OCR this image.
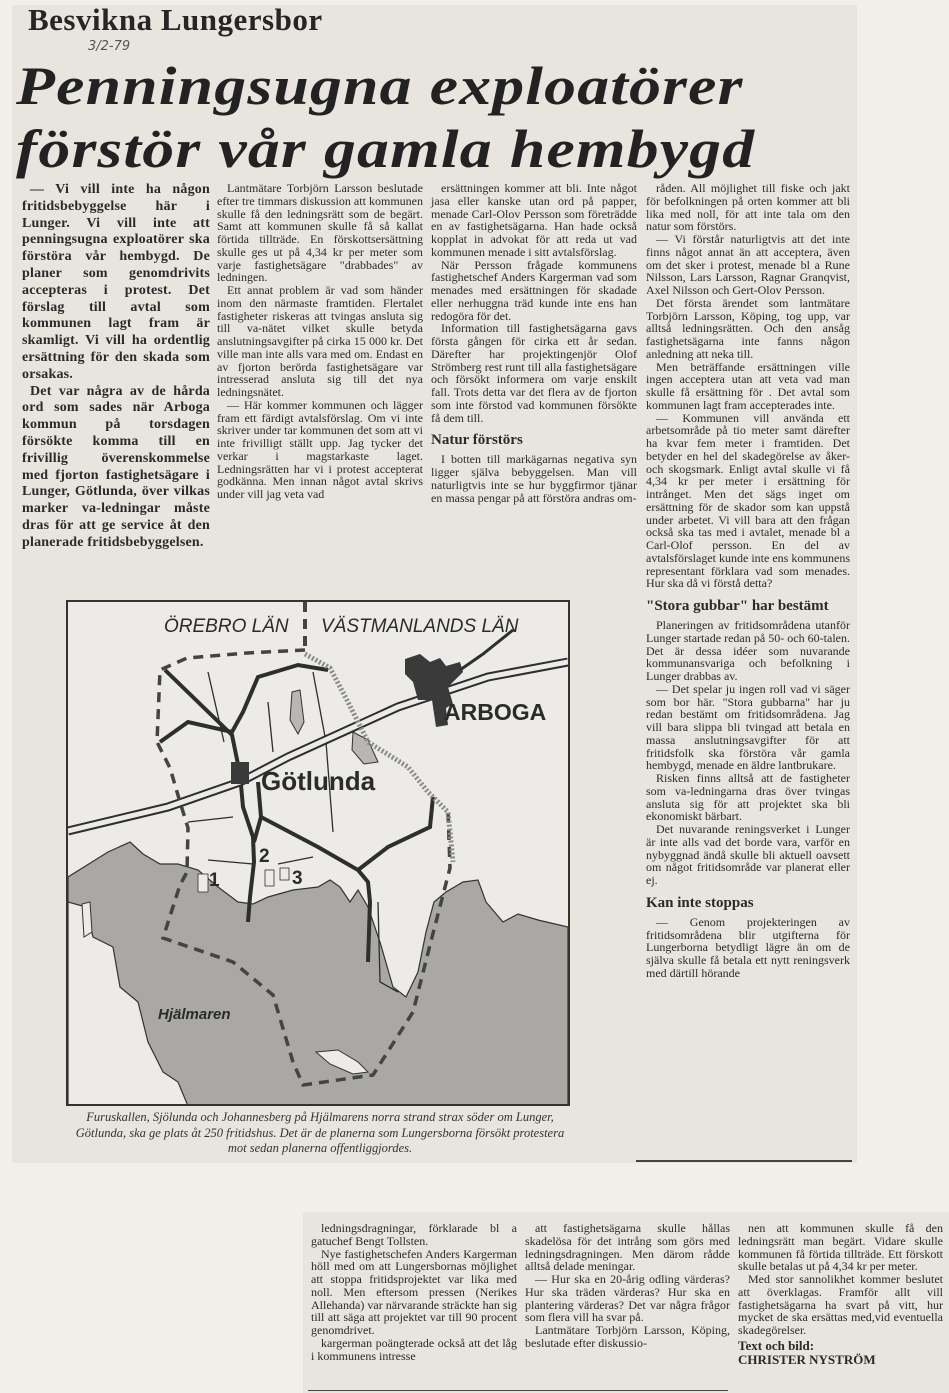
Besvikna Lungersbor
3/2-79
Penningsugna exploatörer
förstör vår gamla hembygd

— Vi vill inte ha någon fritidsbebyggelse här i Lunger. Vi vill inte att penningsugna exploatörer ska förstöra vår hembygd. De planer som genomdrivits accepteras i protest. Det förslag till avtal som kommunen lagt fram är skamligt. Vi vill ha ordentlig ersättning för den skada som orsakas.

Det var några av de hårda ord som sades när Arboga kommun på torsdagen försökte komma till en frivillig överenskommelse med fjorton fastighetsägare i Lunger, Götlunda, över vilkas marker va-ledningar måste dras för att ge service åt den planerade fritidsbebyggelsen.

Lantmätare Torbjörn Larsson beslutade efter tre timmars diskussion att kommunen skulle få den ledningsrätt som de begärt. Samt att kommunen skulle få så kallat förtida tillträde. En förskottsersättning skulle ges ut på 4,34 kr per meter som varje fastighetsägare "drabbades" av ledningen.

Ett annat problem är vad som händer inom den närmaste framtiden. Flertalet fastigheter riskeras att tvingas ansluta sig till va-nätet vilket skulle betyda anslutningsavgifter på cirka 15 000 kr. Det ville man inte alls vara med om. Endast en av fjorton berörda fastighetsägare var intresserad ansluta sig till det nya ledningsnätet.

— Här kommer kommunen och lägger fram ett färdigt avtalsförslag. Om vi inte skriver under tar kommunen det som att vi inte frivilligt ställt upp. Jag tycker det verkar i magstarkaste laget. Ledningsrätten har vi i protest accepterat godkänna. Men innan något avtal skrivs under vill jag veta vad

ersättningen kommer att bli. Inte något jasa eller kanske utan ord på papper, menade Carl-Olov Persson som företrädde en av fastighetsägarna. Han hade också kopplat in advokat för att reda ut vad kommunen menade i sitt avtalsförslag.

När Persson frågade kommunens fastighetschef Anders Kargerman vad som menades med ersättningen för skadade eller nerhuggna träd kunde inte ens han redogöra för det.

Information till fastighetsägarna gavs första gången för cirka ett år sedan. Därefter har projektingenjör Olof Strömberg rest runt till alla fastighetsägare och försökt informera om varje enskilt fall. Trots detta var det flera av de fjorton som inte förstod vad kommunen försökte få dem till.

Natur förstörs

I botten till markägarnas negativa syn ligger själva bebyggelsen. Man vill naturligtvis inte se hur byggfirmor tjänar en massa pengar på att förstöra andras om-

råden. All möjlighet till fiske och jakt för befolkningen på orten kommer att bli lika med noll, för att inte tala om den natur som förstörs.

— Vi förstår naturligtvis att det inte finns något annat än att acceptera, även om det sker i protest, menade bl a Rune Nilsson, Lars Larsson, Ragnar Granqvist, Axel Nilsson och Gert-Olov Persson.

Det första ärendet som lantmätare Torbjörn Larsson, Köping, tog upp, var alltså ledningsrätten. Och den ansåg fastighetsägarna inte fanns någon anledning att neka till.

Men beträffande ersättningen ville ingen acceptera utan att veta vad man skulle få ersättning för . Det avtal som kommunen lagt fram accepterades inte.

— Kommunen vill använda ett arbetsområde på tio meter samt därefter ha kvar fem meter i framtiden. Det betyder en hel del skadegörelse av åker- och skogsmark. Enligt avtal skulle vi få 4,34 kr per meter i ersättning för intrånget. Men det sägs inget om ersättning för de skador som kan uppstå under arbetet. Vi vill bara att den frågan också ska tas med i avtalet, menade bl a Carl-Olof persson. En del av avtalsförslaget kunde inte ens kommunens representant förklara vad som menades. Hur ska då vi förstå detta?

"Stora gubbar" har bestämt

Planeringen av fritidsområdena utanför Lunger startade redan på 50- och 60-talen. Det är dessa idéer som nuvarande kommunansvariga och befolkning i Lunger drabbas av.

— Det spelar ju ingen roll vad vi säger som bor här. "Stora gubbarna" har ju redan bestämt om fritidsområdena. Jag vill bara slippa bli tvingad att betala en massa anslutningsavgifter för att fritidsfolk ska förstöra vår gamla hembygd, menade en äldre lantbrukare.

Risken finns alltså att de fastigheter som va-ledningarna dras över tvingas ansluta sig för att projektet ska bli ekonomiskt bärbart.

Det nuvarande reningsverket i Lunger är inte alls vad det borde vara, varför en nybyggnad ändå skulle bli aktuell oavsett om något fritidsområde var planerat eller ej.

Kan inte stoppas

— Genom projekteringen av fritidsområdena blir utgifterna för Lungerborna betydligt lägre än om de själva skulle få betala ett nytt reningsverk med därtill hörande

ÖREBRO LÄN VÄSTMANLANDS LÄN
ARBOGA
Götlunda
Hjälmaren
1
2
3
Furuskallen, Sjölunda och Johannesberg på Hjälmarens norra strand strax söder om Lunger, Götlunda, ska ge plats åt 250 fritidshus. Det är de planerna som Lungersborna försökt protestera mot sedan planerna offentliggjordes.

ledningsdragningar, förklarade bl a gatuchef Bengt Tollsten.

Nye fastighetschefen Anders Kargerman höll med om att Lungersbornas möjlighet att stoppa fritidsprojektet var lika med noll. Men eftersom pressen (Nerikes Allehanda) var närvarande sträckte han sig till att säga att projektet var till 90 procent genomdrivet.

kargerman poängterade också att det låg i kommunens intresse

att fastighetsägarna skulle hållas skadelösa för det intrång som görs med ledningsdragningen. Men därom rådde alltså delade meningar.

— Hur ska en 20-årig odling värderas? Hur ska träden värderas? Hur ska en plantering värderas? Det var några frågor som flera vill ha svar på.

Lantmätare Torbjörn Larsson, Köping, beslutade efter diskussio-

nen att kommunen skulle få den ledningsrätt man begärt. Vidare skulle kommunen få förtida tillträde. Ett förskott skulle betalas ut på 4,34 kr per meter.

Med stor sannolikhet kommer beslutet att överklagas. Framför allt vill fastighetsägarna ha svart på vitt, hur mycket de ska ersättas med,vid eventuella skadegörelser.

Text och bild:
CHRISTER NYSTRÖM
